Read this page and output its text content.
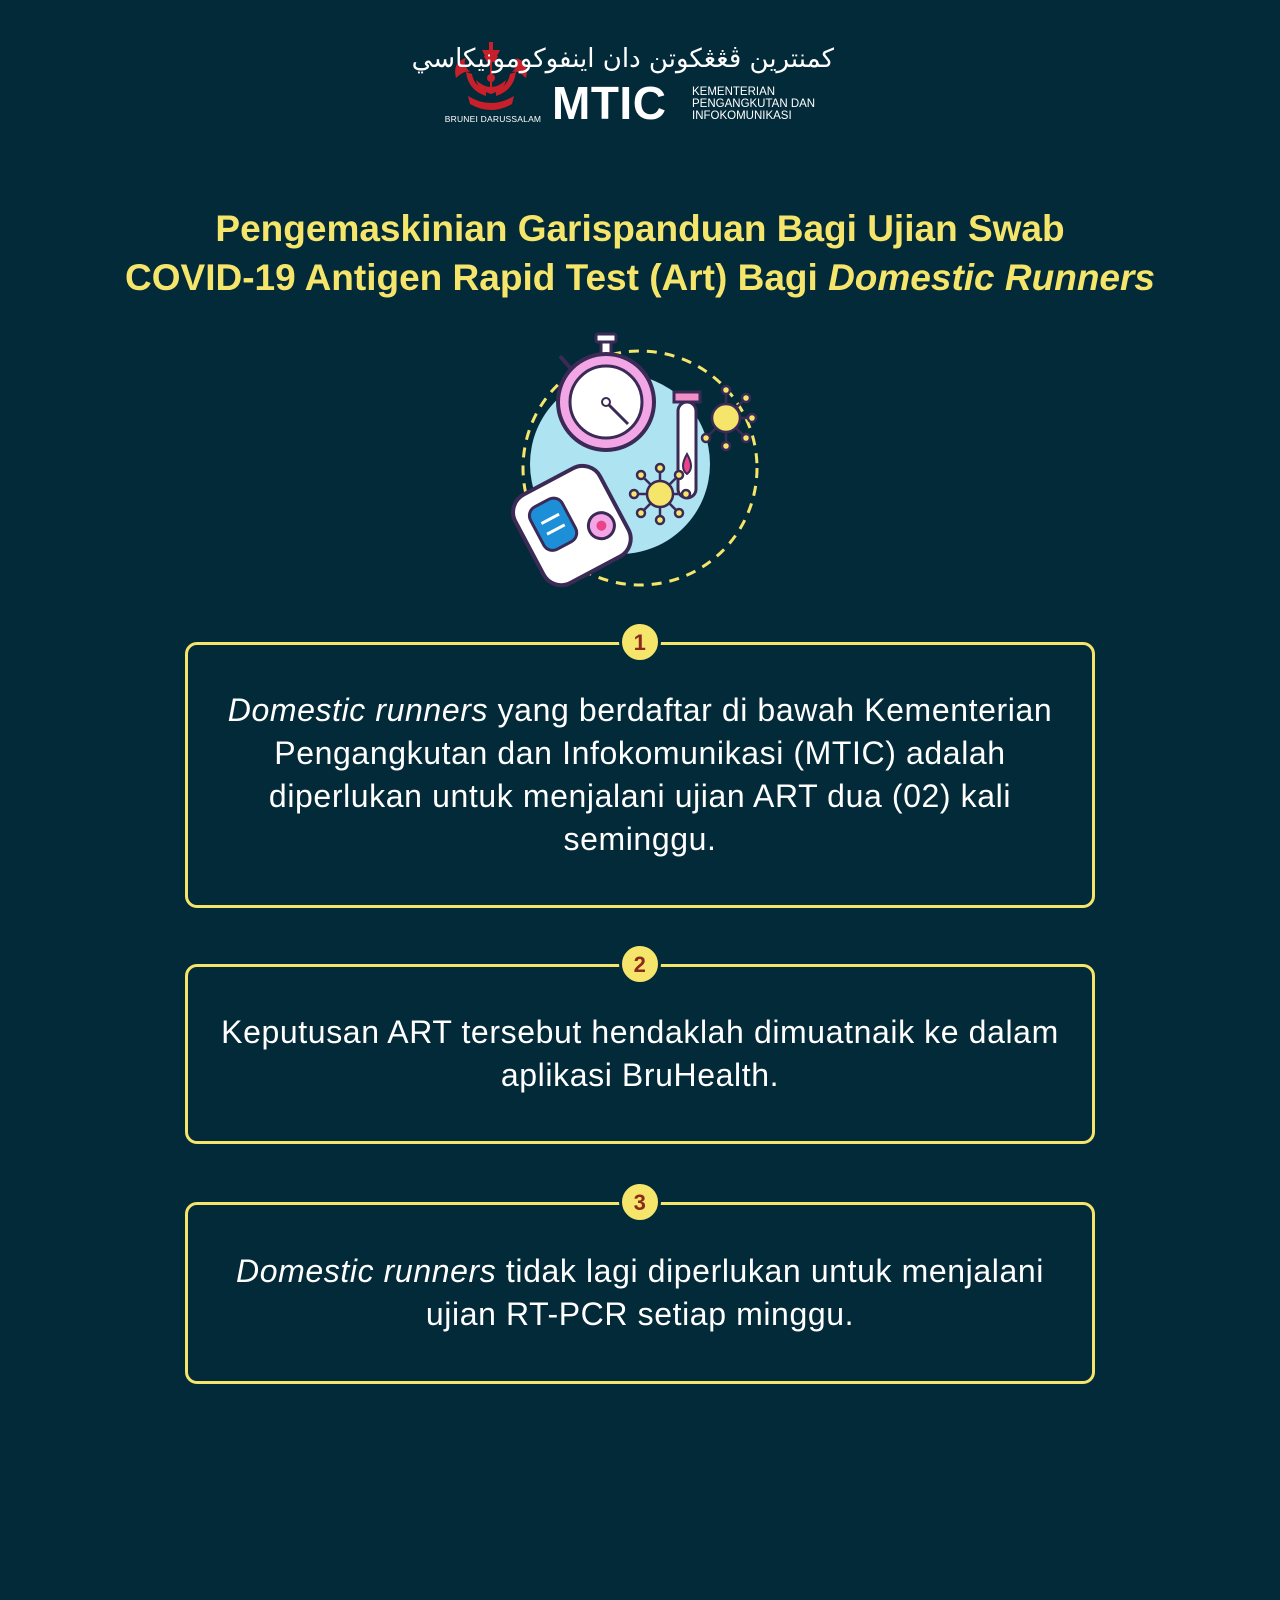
BRUNEI DARUSSALAM
كمنترين ڤڠڠكوتن دان اينفوكومونيكاسي
MTIC KEMENTERIAN
PENGANGKUTAN DAN
INFOKOMUNIKASI
Pengemaskinian Garispanduan Bagi Ujian Swab
COVID-19 Antigen Rapid Test (Art) Bagi Domestic Runners
1

Domestic runners yang berdaftar di bawah Kementerian Pengangkutan dan Infokomunikasi (MTIC) adalah diperlukan untuk menjalani ujian ART dua (02) kali seminggu.

2

Keputusan ART tersebut hendaklah dimuatnaik ke dalam aplikasi BruHealth.

3

Domestic runners tidak lagi diperlukan untuk menjalani ujian RT-PCR setiap minggu.
